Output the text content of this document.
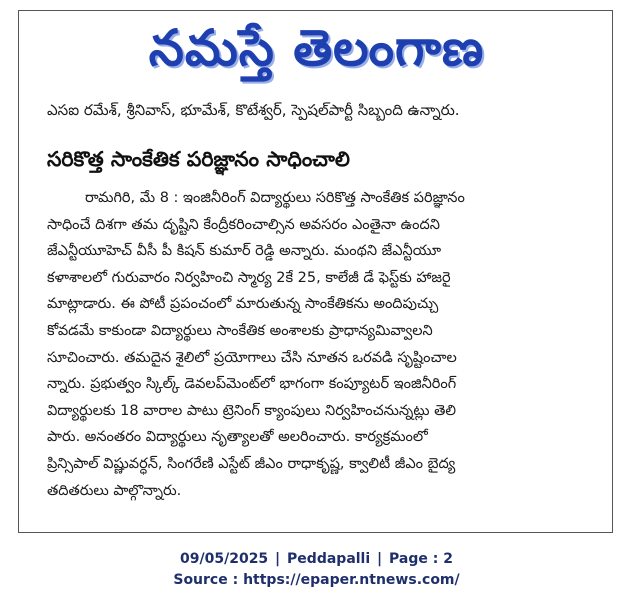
నమస్తే తెలంగాణ
ఎసఐ రమేశ్, శ్రీనివాస్, భూమేశ్, కొటేశ్వర్, స్పెషల్‌పార్టీ సిబ్బంది ఉన్నారు.
సరికొత్త సాంకేతిక పరిజ్ఞానం సాధించాలి
రామగిరి, మే 8 : ఇంజినీరింగ్ విద్యార్థులు సరికొత్త సాంకేతిక పరిజ్ఞానం
సాధించే దిశగా తమ దృష్టిని కేంద్రీకరించాల్సిన అవసరం ఎంతైనా ఉందని
జేఎన్టీయూహెచ్ వీసీ పీ కిషన్ కుమార్ రెడ్డి అన్నారు. మంథని జేఎన్టీయూ
కళాశాలలో గురువారం నిర్వహించి స్మార్య 2కే 25, కాలేజీ డే ఫెస్ట్‌కు హాజరై
మాట్లాడారు. ఈ పోటీ ప్రపంచంలో మారుతున్న సాంకేతికను అందిపుచ్చు
కోవడమే కాకుండా విద్యార్థులు సాంకేతిక అంశాలకు ప్రాధాన్యమివ్వాలని
సూచించారు. తమదైన శైలిలో ప్రయోగాలు చేసి నూతన ఒరవడి సృష్టించాల
న్నారు. ప్రభుత్వం స్కిల్క్ డెవలప్‌మెంట్‌లో భాగంగా కంప్యూటర్ ఇంజినీరింగ్
విద్యార్థులకు 18 వారాల పాటు ట్రెనింగ్ క్యాంపులు నిర్వహించనున్నట్లు తెలి
పారు. అనంతరం విద్యార్థులు నృత్యాలతో అలరించారు. కార్యక్రమంలో
ప్రిన్సిపాల్ విష్ణువర్ధన్, సింగరేణి ఎస్టేట్ జీఎం రాధాకృష్ణ, క్వాలిటీ జీఎం బైద్య
తదితరులు పాల్గొన్నారు.
09/05/2025 | Peddapalli | Page : 2
Source : https://epaper.ntnews.com/
